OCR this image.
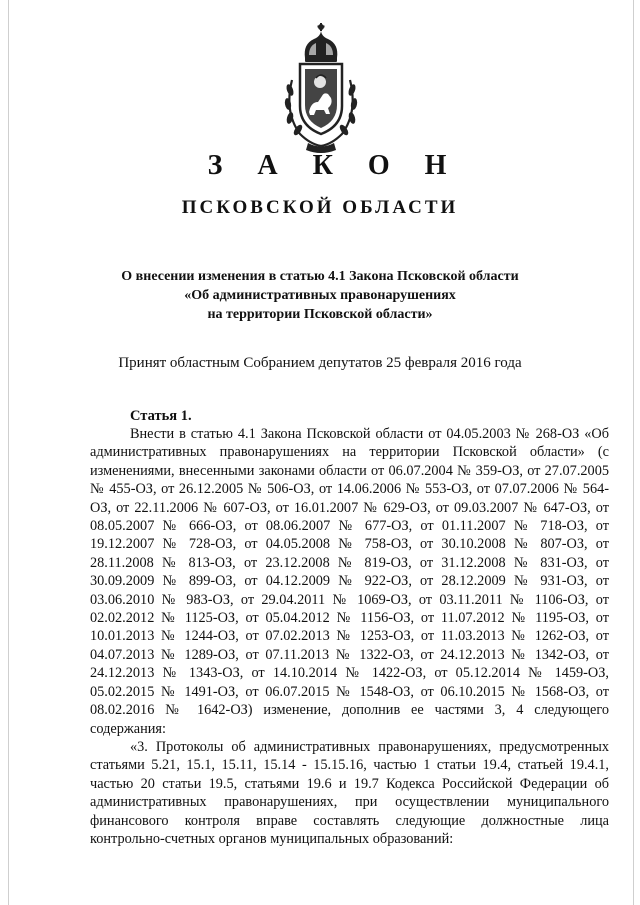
З А К О Н
ПСКОВСКОЙ ОБЛАСТИ
О внесении изменения в статью 4.1 Закона Псковской области
«Об административных правонарушениях
на территории Псковской области»
Принят областным Собранием депутатов 25 февраля 2016 года
Статья 1.

Внести в статью 4.1 Закона Псковской области от 04.05.2003 № 268-ОЗ «Об административных правонарушениях на территории Псковской области» (с изменениями, внесенными законами области от 06.07.2004 № 359-ОЗ, от 27.07.2005 № 455-ОЗ, от 26.12.2005 № 506-ОЗ, от 14.06.2006 № 553-ОЗ, от 07.07.2006 № 564-ОЗ, от 22.11.2006 № 607-ОЗ, от 16.01.2007 № 629-ОЗ, от 09.03.2007 № 647-ОЗ, от 08.05.2007 № 666-ОЗ, от 08.06.2007 № 677-ОЗ, от 01.11.2007 № 718-ОЗ, от 19.12.2007 № 728-ОЗ, от 04.05.2008 № 758-ОЗ, от 30.10.2008 № 807-ОЗ, от 28.11.2008 № 813-ОЗ, от 23.12.2008 № 819-ОЗ, от 31.12.2008 № 831-ОЗ, от 30.09.2009 № 899-ОЗ, от 04.12.2009 № 922-ОЗ, от 28.12.2009 № 931-ОЗ, от 03.06.2010 № 983-ОЗ, от 29.04.2011 № 1069-ОЗ, от 03.11.2011 № 1106-ОЗ, от 02.02.2012 № 1125-ОЗ, от 05.04.2012 № 1156-ОЗ, от 11.07.2012 № 1195-ОЗ, от 10.01.2013 № 1244-ОЗ, от 07.02.2013 № 1253-ОЗ, от 11.03.2013 № 1262-ОЗ, от 04.07.2013 № 1289-ОЗ, от 07.11.2013 № 1322-ОЗ, от 24.12.2013 № 1342-ОЗ, от 24.12.2013 № 1343-ОЗ, от 14.10.2014 № 1422-ОЗ, от 05.12.2014 № 1459-ОЗ, 05.02.2015 № 1491-ОЗ, от 06.07.2015 № 1548-ОЗ, от 06.10.2015 № 1568-ОЗ, от 08.02.2016 № 1642-ОЗ) изменение, дополнив ее частями 3, 4 следующего содержания:

«3. Протоколы об административных правонарушениях, предусмотренных статьями 5.21, 15.1, 15.11, 15.14 - 15.15.16, частью 1 статьи 19.4, статьей 19.4.1, частью 20 статьи 19.5, статьями 19.6 и 19.7 Кодекса Российской Федерации об административных правонарушениях, при осуществлении муниципального финансового контроля вправе составлять следующие должностные лица контрольно-счетных органов муниципальных образований:
